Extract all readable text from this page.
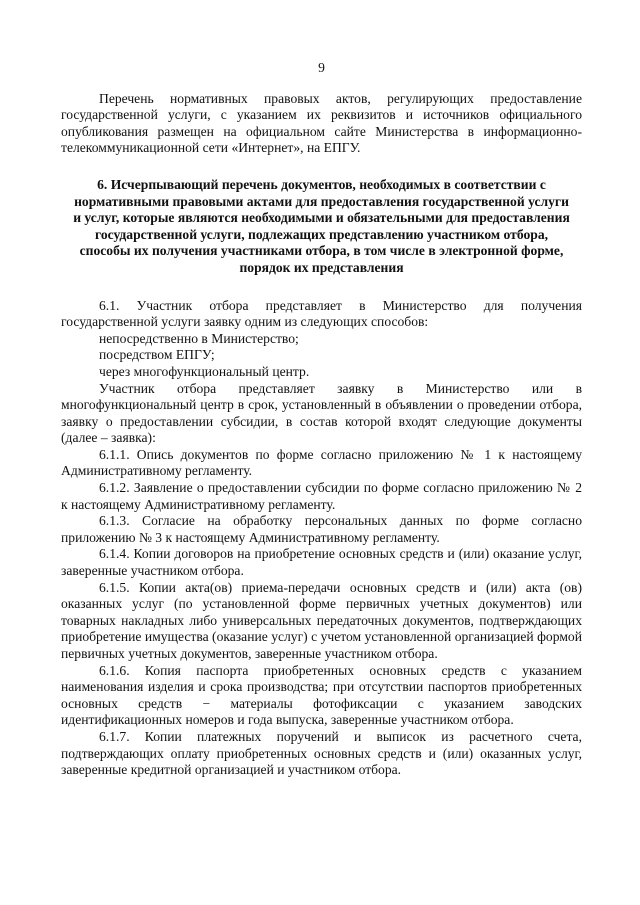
9

Перечень нормативных правовых актов, регулирующих предоставление государственной услуги, с указанием их реквизитов и источников официального опубликования размещен на официальном сайте Министерства в информационно-телекоммуникационной сети «Интернет», на ЕПГУ.

6. Исчерпывающий перечень документов, необходимых в соответствии с нормативными правовыми актами для предоставления государственной услуги и услуг, которые являются необходимыми и обязательными для предоставления государственной услуги, подлежащих представлению участником отбора, способы их получения участниками отбора, в том числе в электронной форме, порядок их представления

6.1. Участник отбора представляет в Министерство для получения государственной услуги заявку одним из следующих способов:

непосредственно в Министерство;
посредством ЕПГУ;
через многофункциональный центр.

Участник отбора представляет заявку в Министерство или в многофункциональный центр в срок, установленный в объявлении о проведении отбора, заявку о предоставлении субсидии, в состав которой входят следующие документы (далее – заявка):

6.1.1. Опись документов по форме согласно приложению № 1 к настоящему Административному регламенту.

6.1.2. Заявление о предоставлении субсидии по форме согласно приложению № 2 к настоящему Административному регламенту.

6.1.3. Согласие на обработку персональных данных по форме согласно приложению № 3 к настоящему Административному регламенту.

6.1.4. Копии договоров на приобретение основных средств и (или) оказание услуг, заверенные участником отбора.

6.1.5. Копии акта(ов) приема-передачи основных средств и (или) акта (ов) оказанных услуг (по установленной форме первичных учетных документов) или товарных накладных либо универсальных передаточных документов, подтверждающих приобретение имущества (оказание услуг) с учетом установленной организацией формой первичных учетных документов, заверенные участником отбора.

6.1.6. Копия паспорта приобретенных основных средств с указанием наименования изделия и срока производства; при отсутствии паспортов приобретенных основных средств − материалы фотофиксации с указанием заводских идентификационных номеров и года выпуска, заверенные участником отбора.

6.1.7. Копии платежных поручений и выписок из расчетного счета, подтверждающих оплату приобретенных основных средств и (или) оказанных услуг, заверенные кредитной организацией и участником отбора.
